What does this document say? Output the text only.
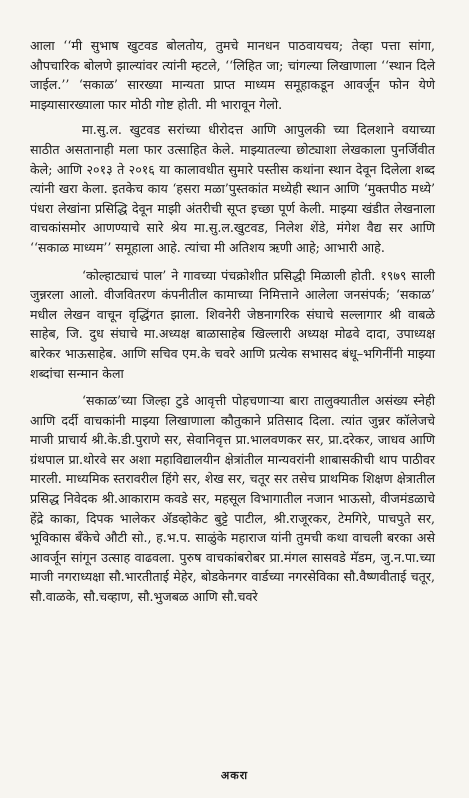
आला ‘‘मी सुभाष खुटवड बोलतोय, तुमचे मानधन पाठवायचय; तेव्हा पत्ता सांगा, औपचारिक बोलणे झाल्यांवर त्यांनी म्हटले, ‘‘लिहित जा; चांगल्या लिखाणाला ‘‘स्थान दिले जाईल.’’ ‘सकाळ’ सारख्या मान्यता प्राप्त माध्यम समूहाकडून आवर्जून फोन येणे माझ्यासारख्याला फार मोठी गोष्ट होती. मी भारावून गेलो.

मा.सु.ल. खुटवड सरांच्या धीरोदत्त आणि आपुलकी च्या दिलशाने वयाच्या साठीत असतानाही मला फार उत्साहित केले. माझ्यातल्या छोट्याशा लेखकाला पुनर्जिवीत केले; आणि २०१३ ते २०१६ या कालावधीत सुमारे पस्तीस कथांना स्थान देवून दिलेला शब्द त्यांनी खरा केला. इतकेच काय ‘हसरा मळा’पुस्तकांत मध्येही स्थान आणि ‘मुक्तपीठ मध्ये’ पंधरा लेखांना प्रसिद्धि देवून माझी अंतरीची सूप्त इच्छा पूर्ण केली. माझ्या खंडीत लेखनाला वाचकांसमोर आणण्याचे सारे श्रेय मा.सु.ल.खुटवड, निलेश शेंडे, मंगेश वैद्य सर आणि ‘‘सकाळ माध्यम’’ समूहाला आहे. त्यांचा मी अतिशय ऋणी आहे; आभारी आहे.

‘कोल्हाट्याचं पाल’ ने गावच्या पंचक्रोशीत प्रसिद्धी मिळाली होती. १९७९ साली जुन्नरला आलो. वीजवितरण कंपनीतील कामाच्या निमित्ताने आलेला जनसंपर्क; ‘सकाळ’ मधील लेखन वाचून वृद्धिंगत झाला. शिवनेरी जेष्ठनागरिक संघाचे सल्लागार श्री वाबळे साहेब, जि. दुध संघाचे मा.अध्यक्ष बाळासाहेब खिल्लारी अध्यक्ष मोढवे दादा, उपाध्यक्ष बारेकर भाऊसाहेब. आणि सचिव एम.के चवरे आणि प्रत्येक सभासद बंधू–भगिनींनी माझ्या शब्दांचा सन्मान केला

‘सकाळ’च्या जिल्हा टुडे आवृत्ती पोहचणाऱ्या बारा तालुक्यातील असंख्य स्नेही आणि दर्दी वाचकांनी माझ्या लिखाणाला कौतुकाने प्रतिसाद दिला. त्यांत जुन्नर कॉलेजचे माजी प्राचार्य श्री.के.डी.पुराणे सर, सेवानिवृत्त प्रा.भालवणकर सर, प्रा.दरेकर, जाधव आणि ग्रंथपाल प्रा.थोरवे सर अशा महाविद्यालयीन क्षेत्रांतील मान्यवरांनी शाबासकीची थाप पाठीवर मारली. माध्यमिक स्तरावरील हिंगे सर, शेख सर, चतूर सर तसेच प्राथमिक शिक्षण क्षेत्रातील प्रसिद्ध निवेदक श्री.आकाराम कवडे सर, महसूल विभागातील नजान भाऊसो, वीजमंडळाचे हेंद्रे काका, दिपक भालेकर ॲडव्होकेट बुट्टे पाटील, श्री.राजूरकर, टेमगिरे, पाचपुते सर, भूविकास बँकेचे औटी सो., ह.भ.प. साळुंके महाराज यांनी तुमची कथा वाचली बरका असे आवर्जून सांगून उत्साह वाढवला. पुरुष वाचकांबरोबर प्रा.मंगल सासवडे मॅडम, जु.न.पा.च्या माजी नगराध्यक्षा सौ.भारतीताई मेहेर, बोडकेनगर वार्डच्या नगरसेविका सौ.वैष्णवीताई चतूर, सौ.वाळके, सौ.चव्हाण, सौ.भुजबळ आणि सौ.चवरे

अकरा
